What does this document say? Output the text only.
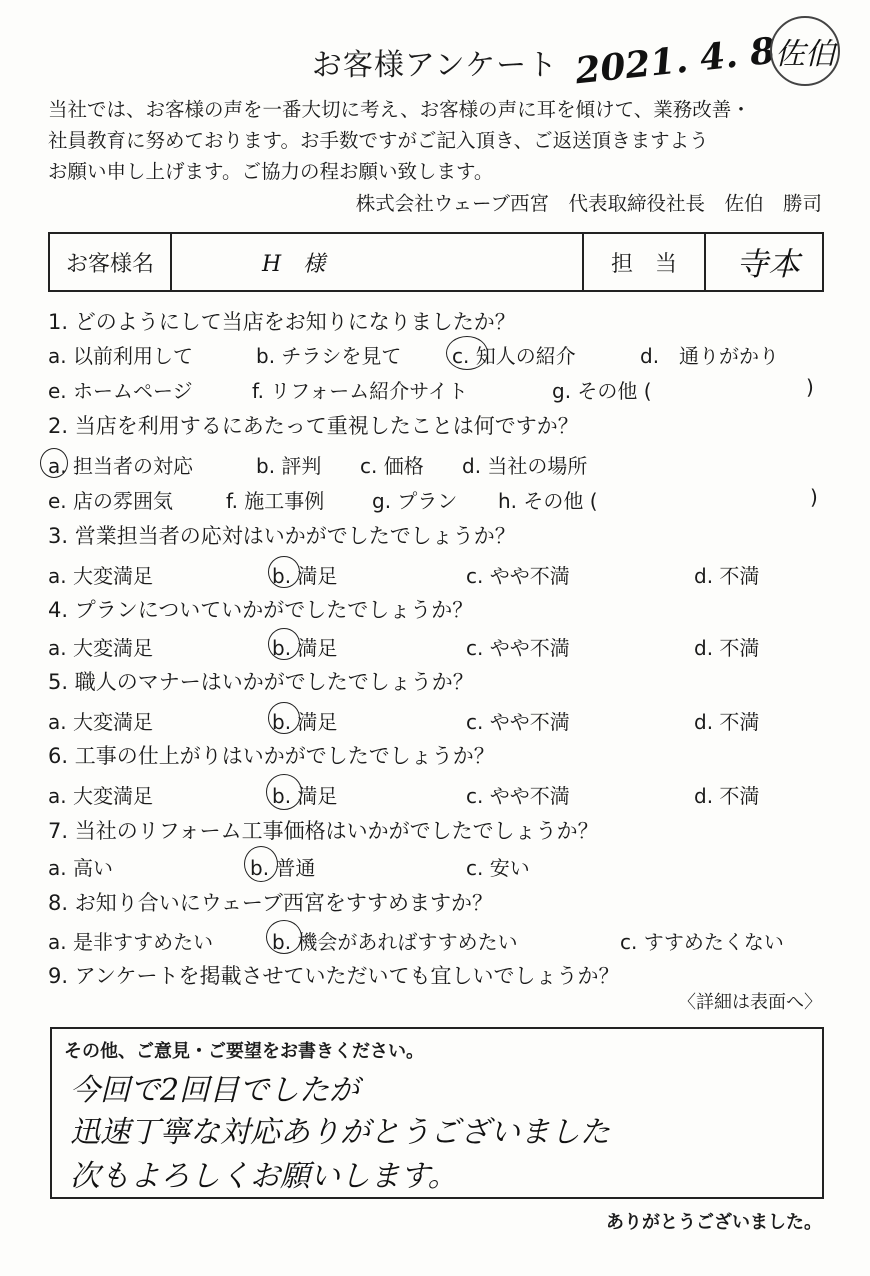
お客様アンケート 2021. 4. 8
佐伯
当社では、お客様の声を一番大切に考え、お客様の声に耳を傾けて、業務改善・
社員教育に努めております。お手数ですがご記入頂き、ご返送頂きますよう
お願い申し上げます。ご協力の程お願い致します。
株式会社ウェーブ西宮　代表取締役社長　佐伯　勝司
お客様名	H　様	担　当	寺本
1. どのようにして当店をお知りになりましたか？
a. 以前利用して	b. チラシを見て	c. 知人の紹介	d.　通りがかり
e. ホームページ	f. リフォーム紹介サイト	g. その他 (	)
2. 当店を利用するにあたって重視したことは何ですか？
a. 担当者の対応	b. 評判 c. 価格 d. 当社の場所
e. 店の雰囲気	f. 施工事例 g. プラン h. その他 (	)
3. 営業担当者の応対はいかがでしたでしょうか？
a. 大変満足	b. 満足	c. やや不満	d. 不満
4. プランについていかがでしたでしょうか？
a. 大変満足	b. 満足	c. やや不満	d. 不満
5. 職人のマナーはいかがでしたでしょうか？
a. 大変満足	b. 満足	c. やや不満	d. 不満
6. 工事の仕上がりはいかがでしたでしょうか？
a. 大変満足	b. 満足	c. やや不満	d. 不満
7. 当社のリフォーム工事価格はいかがでしたでしょうか？
a. 高い	b. 普通	c. 安い
8. お知り合いにウェーブ西宮をすすめますか？
a. 是非すすめたい	b. 機会があればすすめたい	c. すすめたくない
9. アンケートを掲載させていただいても宜しいでしょうか？
〈詳細は表面へ〉
その他、ご意見・ご要望をお書きください。
今回で2回目でしたが
迅速丁寧な対応ありがとうございました
次もよろしくお願いします。
ありがとうございました。
